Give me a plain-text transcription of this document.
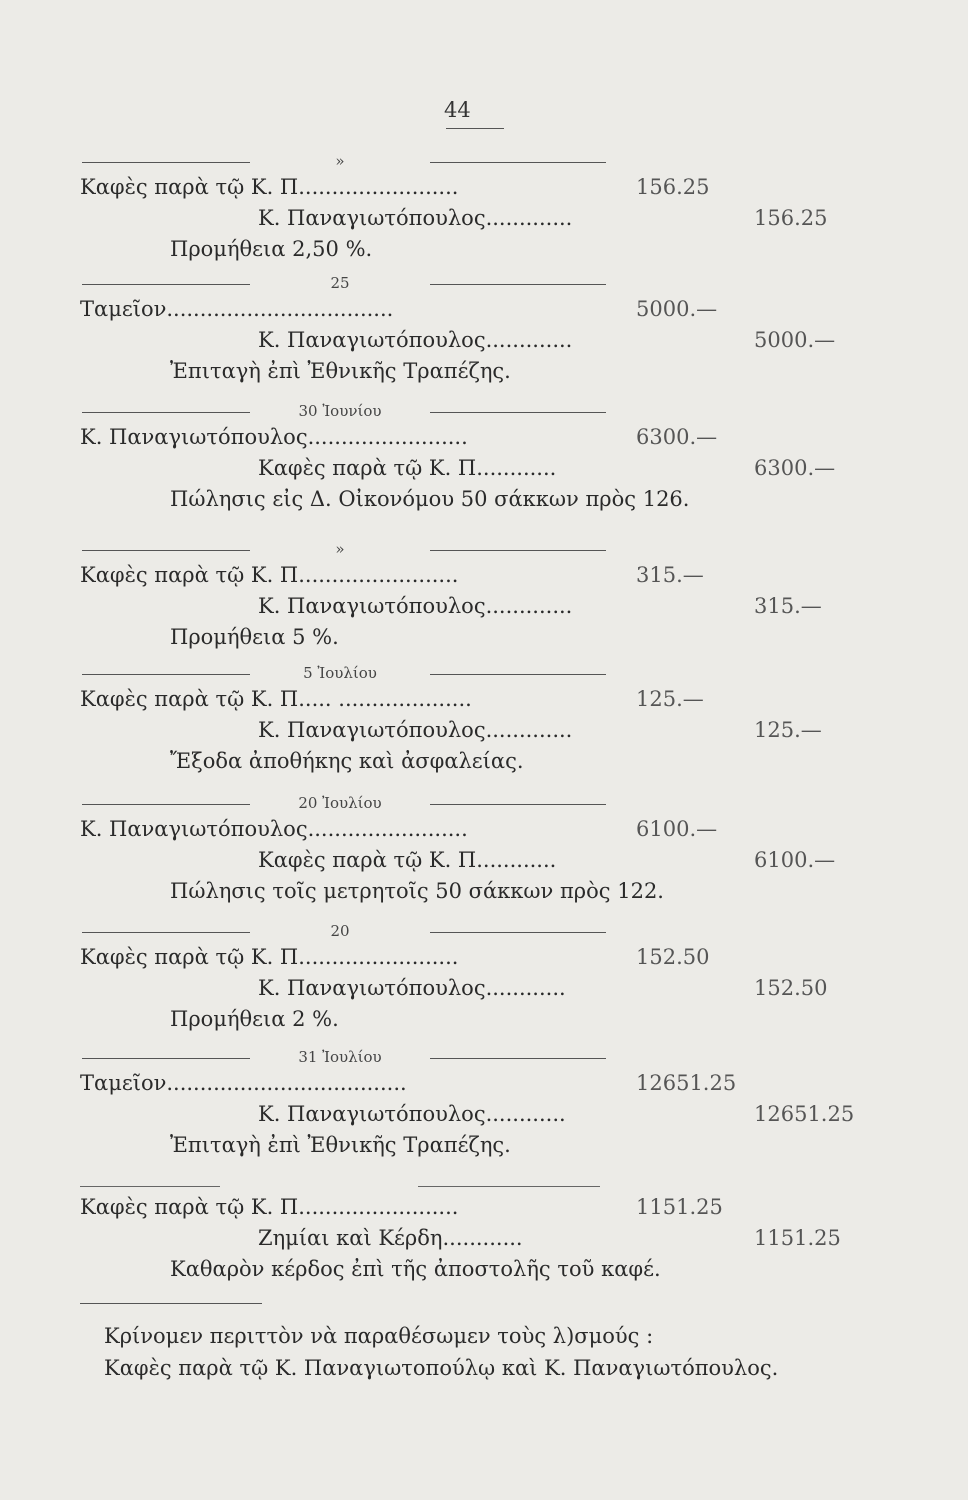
44
»
Καφὲς παρὰ τῷ Κ. Π........................	156.25
Κ. Παναγιωτόπουλος.............	156.25
Προμήθεια 2,50 %.
25
Ταμεῖον..................................	5000.—
Κ. Παναγιωτόπουλος.............	5000.—
Ἐπιταγὴ ἐπὶ Ἐθνικῆς Τραπέζης.
30 Ἰουνίου
Κ. Παναγιωτόπουλος........................	6300.—
Καφὲς παρὰ τῷ Κ. Π............	6300.—
Πώλησις εἰς Δ. Οἰκονόμου 50 σάκκων πρὸς 126.
»
Καφὲς παρὰ τῷ Κ. Π........................	315.—
Κ. Παναγιωτόπουλος.............	315.—
Προμήθεια 5 %.
5 Ἰουλίου
Καφὲς παρὰ τῷ Κ. Π..... ....................	125.—
Κ. Παναγιωτόπουλος.............	125.—
Ἔξοδα ἀποθήκης καὶ ἀσφαλείας.
20 Ἰουλίου
Κ. Παναγιωτόπουλος........................	6100.—
Καφὲς παρὰ τῷ Κ. Π............	6100.—
Πώλησις τοῖς μετρητοῖς 50 σάκκων πρὸς 122.
20
Καφὲς παρὰ τῷ Κ. Π........................	152.50
Κ. Παναγιωτόπουλος............	152.50
Προμήθεια 2 %.
31 Ἰουλίου
Ταμεῖον....................................	12651.25
Κ. Παναγιωτόπουλος............	12651.25
Ἐπιταγὴ ἐπὶ Ἐθνικῆς Τραπέζης.
Καφὲς παρὰ τῷ Κ. Π........................	1151.25
Ζημίαι καὶ Κέρδη............	1151.25
Καθαρὸν κέρδος ἐπὶ τῆς ἀποστολῆς τοῦ καφέ.
Κρίνομεν περιττὸν νὰ παραθέσωμεν τοὺς λ)σμούς :
Καφὲς παρὰ τῷ Κ. Παναγιωτοπούλῳ καὶ Κ. Παναγιωτόπουλος.
